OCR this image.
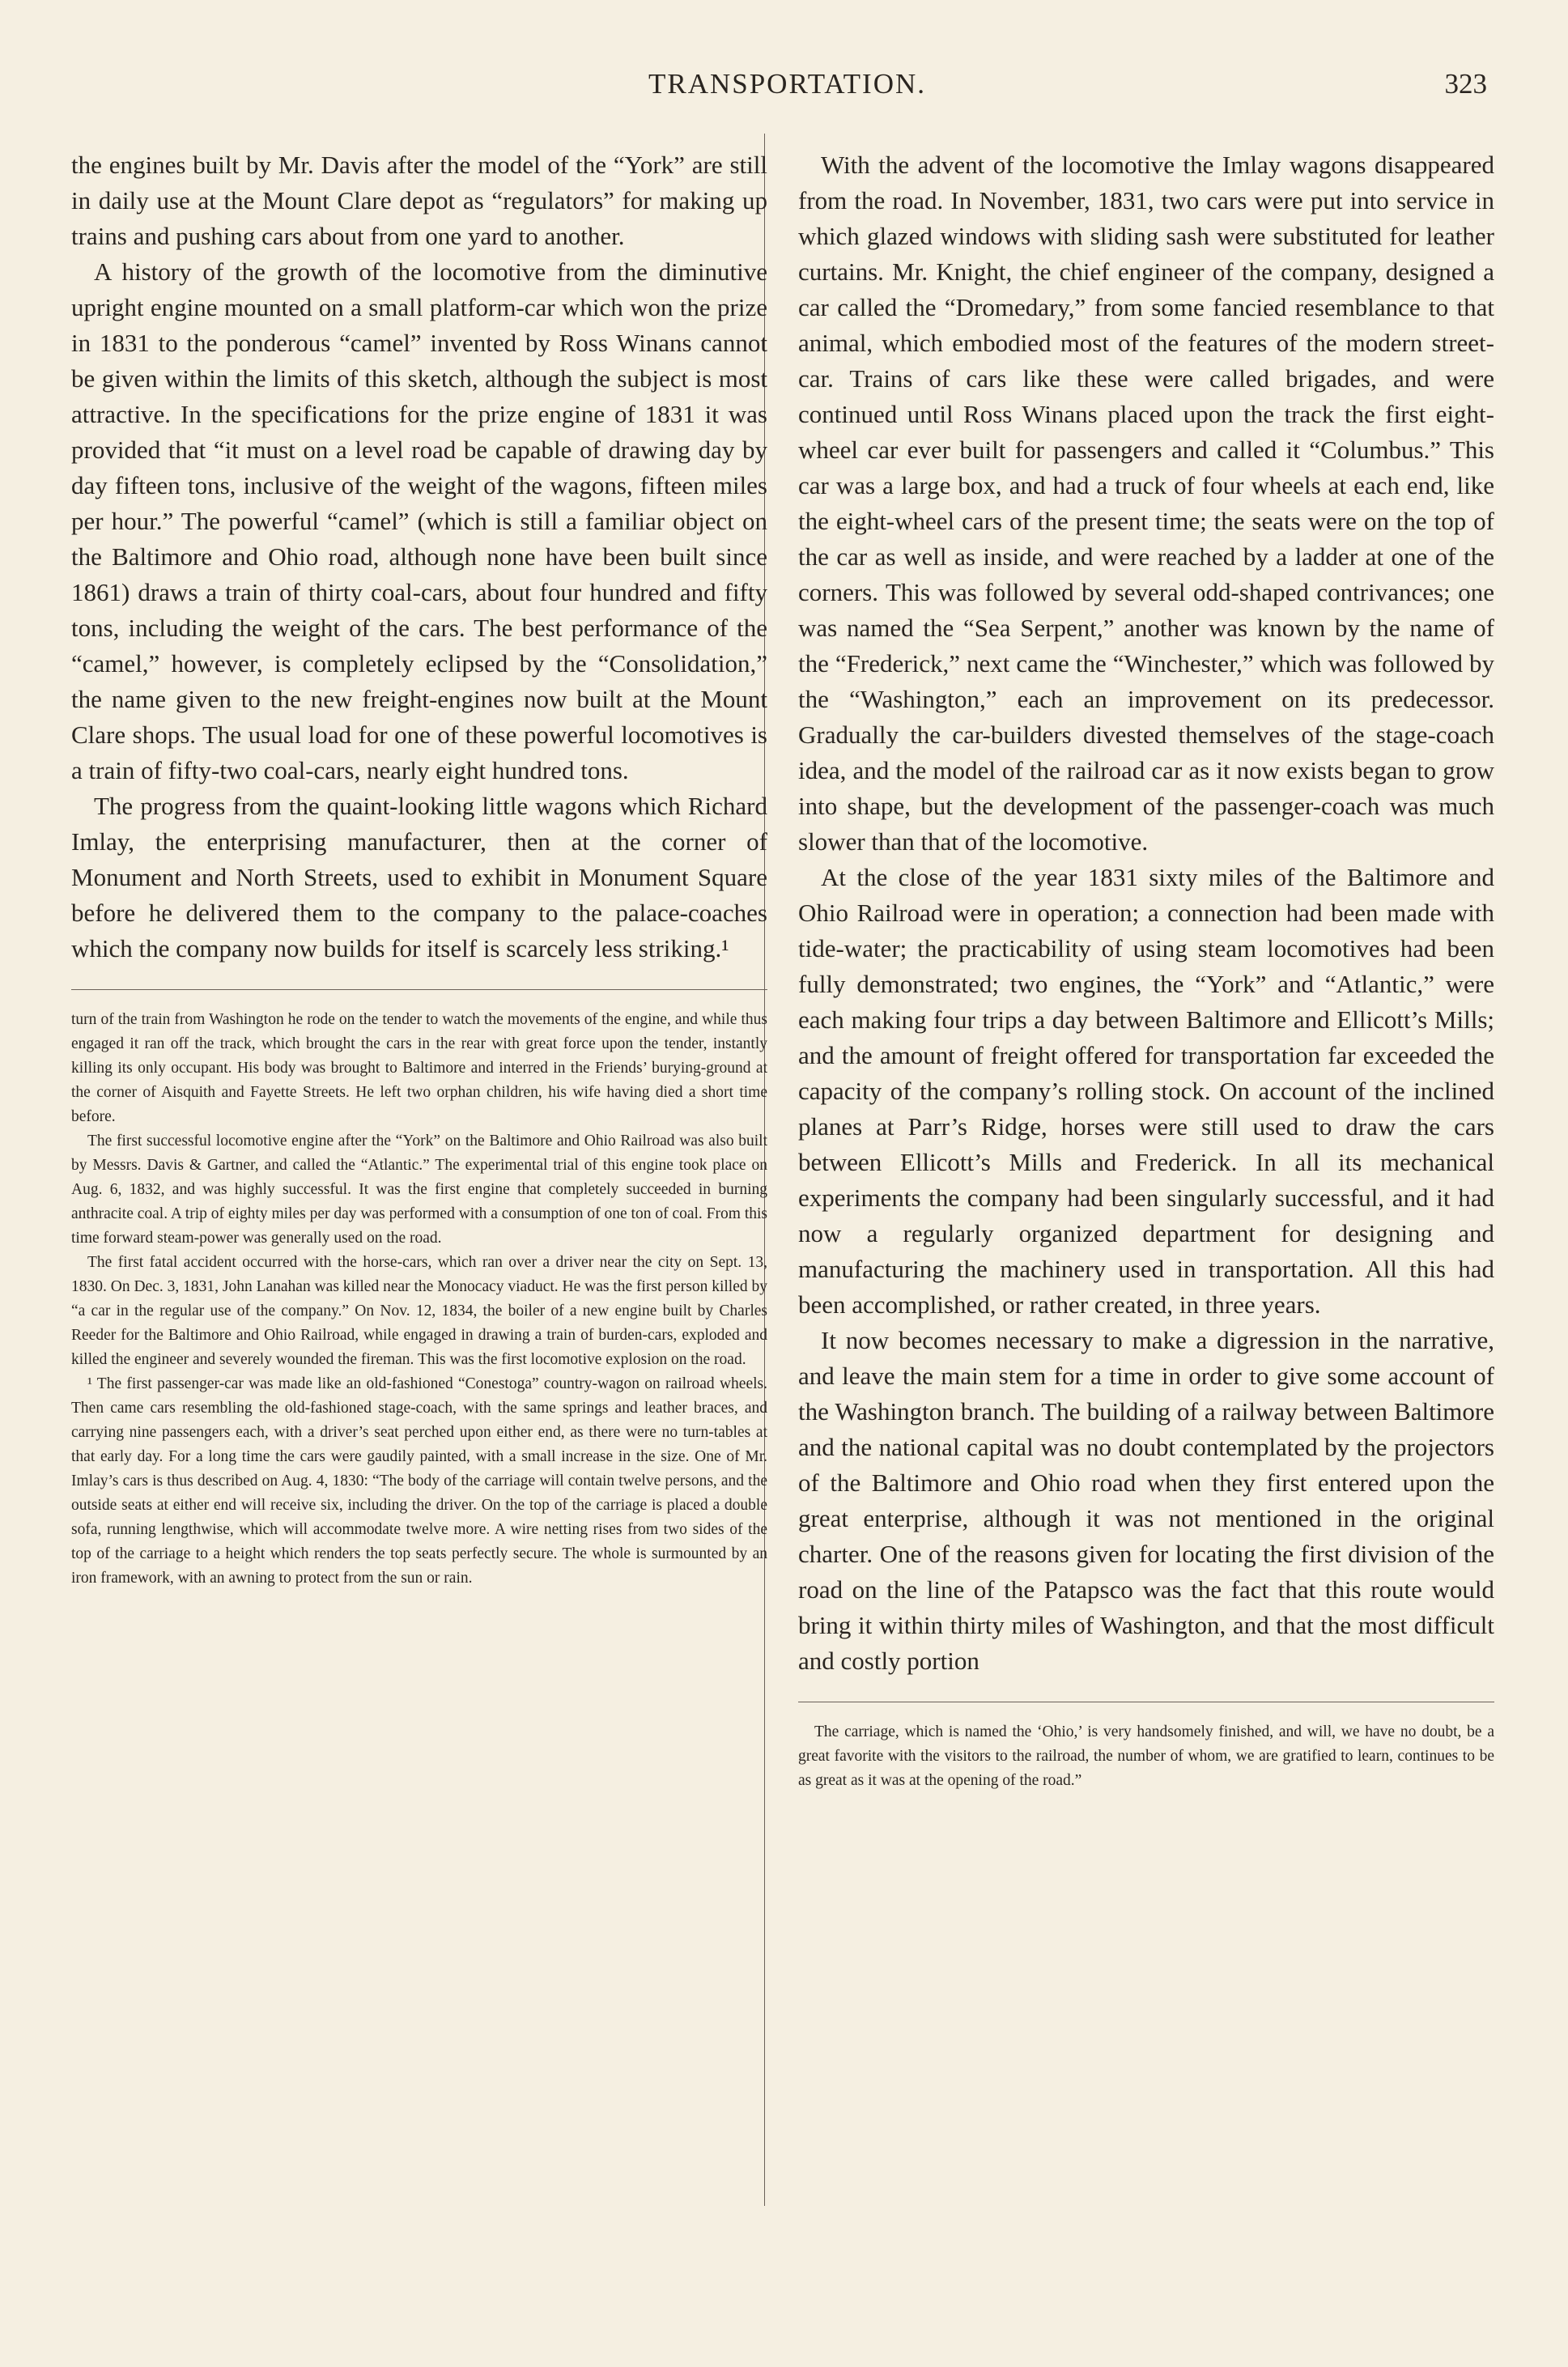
TRANSPORTATION.	323

the engines built by Mr. Davis after the model of the “York” are still in daily use at the Mount Clare depot as “regulators” for making up trains and pushing cars about from one yard to another.

A history of the growth of the locomotive from the diminutive upright engine mounted on a small platform-car which won the prize in 1831 to the ponderous “camel” invented by Ross Winans cannot be given within the limits of this sketch, although the subject is most attractive. In the specifications for the prize engine of 1831 it was provided that “it must on a level road be capable of drawing day by day fifteen tons, inclusive of the weight of the wagons, fifteen miles per hour.” The powerful “camel” (which is still a familiar object on the Baltimore and Ohio road, although none have been built since 1861) draws a train of thirty coal-cars, about four hundred and fifty tons, including the weight of the cars. The best performance of the “camel,” however, is completely eclipsed by the “Consolidation,” the name given to the new freight-engines now built at the Mount Clare shops. The usual load for one of these powerful locomotives is a train of fifty-two coal-cars, nearly eight hundred tons.

The progress from the quaint-looking little wagons which Richard Imlay, the enterprising manufacturer, then at the corner of Monument and North Streets, used to exhibit in Monument Square before he delivered them to the company to the palace-coaches which the company now builds for itself is scarcely less striking.¹

turn of the train from Washington he rode on the tender to watch the movements of the engine, and while thus engaged it ran off the track, which brought the cars in the rear with great force upon the tender, instantly killing its only occupant. His body was brought to Baltimore and interred in the Friends’ burying-ground at the corner of Aisquith and Fayette Streets. He left two orphan children, his wife having died a short time before.

The first successful locomotive engine after the “York” on the Baltimore and Ohio Railroad was also built by Messrs. Davis & Gartner, and called the “Atlantic.” The experimental trial of this engine took place on Aug. 6, 1832, and was highly successful. It was the first engine that completely succeeded in burning anthracite coal. A trip of eighty miles per day was performed with a consumption of one ton of coal. From this time forward steam-power was generally used on the road.

The first fatal accident occurred with the horse-cars, which ran over a driver near the city on Sept. 13, 1830. On Dec. 3, 1831, John Lanahan was killed near the Monocacy viaduct. He was the first person killed by “a car in the regular use of the company.” On Nov. 12, 1834, the boiler of a new engine built by Charles Reeder for the Baltimore and Ohio Railroad, while engaged in drawing a train of burden-cars, exploded and killed the engineer and severely wounded the fireman. This was the first locomotive explosion on the road.

¹ The first passenger-car was made like an old-fashioned “Conestoga” country-wagon on railroad wheels. Then came cars resembling the old-fashioned stage-coach, with the same springs and leather braces, and carrying nine passengers each, with a driver’s seat perched upon either end, as there were no turn-tables at that early day. For a long time the cars were gaudily painted, with a small increase in the size. One of Mr. Imlay’s cars is thus described on Aug. 4, 1830: “The body of the carriage will contain twelve persons, and the outside seats at either end will receive six, including the driver. On the top of the carriage is placed a double sofa, running lengthwise, which will accommodate twelve more. A wire netting rises from two sides of the top of the carriage to a height which renders the top seats perfectly secure. The whole is surmounted by an iron framework, with an awning to protect from the sun or rain.

With the advent of the locomotive the Imlay wagons disappeared from the road. In November, 1831, two cars were put into service in which glazed windows with sliding sash were substituted for leather curtains. Mr. Knight, the chief engineer of the company, designed a car called the “Dromedary,” from some fancied resemblance to that animal, which embodied most of the features of the modern street-car. Trains of cars like these were called brigades, and were continued until Ross Winans placed upon the track the first eight-wheel car ever built for passengers and called it “Columbus.” This car was a large box, and had a truck of four wheels at each end, like the eight-wheel cars of the present time; the seats were on the top of the car as well as inside, and were reached by a ladder at one of the corners. This was followed by several odd-shaped contrivances; one was named the “Sea Serpent,” another was known by the name of the “Frederick,” next came the “Winchester,” which was followed by the “Washington,” each an improvement on its predecessor. Gradually the car-builders divested themselves of the stage-coach idea, and the model of the railroad car as it now exists began to grow into shape, but the development of the passenger-coach was much slower than that of the locomotive.

At the close of the year 1831 sixty miles of the Baltimore and Ohio Railroad were in operation; a connection had been made with tide-water; the practicability of using steam locomotives had been fully demonstrated; two engines, the “York” and “Atlantic,” were each making four trips a day between Baltimore and Ellicott’s Mills; and the amount of freight offered for transportation far exceeded the capacity of the company’s rolling stock. On account of the inclined planes at Parr’s Ridge, horses were still used to draw the cars between Ellicott’s Mills and Frederick. In all its mechanical experiments the company had been singularly successful, and it had now a regularly organized department for designing and manufacturing the machinery used in transportation. All this had been accomplished, or rather created, in three years.

It now becomes necessary to make a digression in the narrative, and leave the main stem for a time in order to give some account of the Washington branch. The building of a railway between Baltimore and the national capital was no doubt contemplated by the projectors of the Baltimore and Ohio road when they first entered upon the great enterprise, although it was not mentioned in the original charter. One of the reasons given for locating the first division of the road on the line of the Patapsco was the fact that this route would bring it within thirty miles of Washington, and that the most difficult and costly portion

The carriage, which is named the ‘Ohio,’ is very handsomely finished, and will, we have no doubt, be a great favorite with the visitors to the railroad, the number of whom, we are gratified to learn, continues to be as great as it was at the opening of the road.”
